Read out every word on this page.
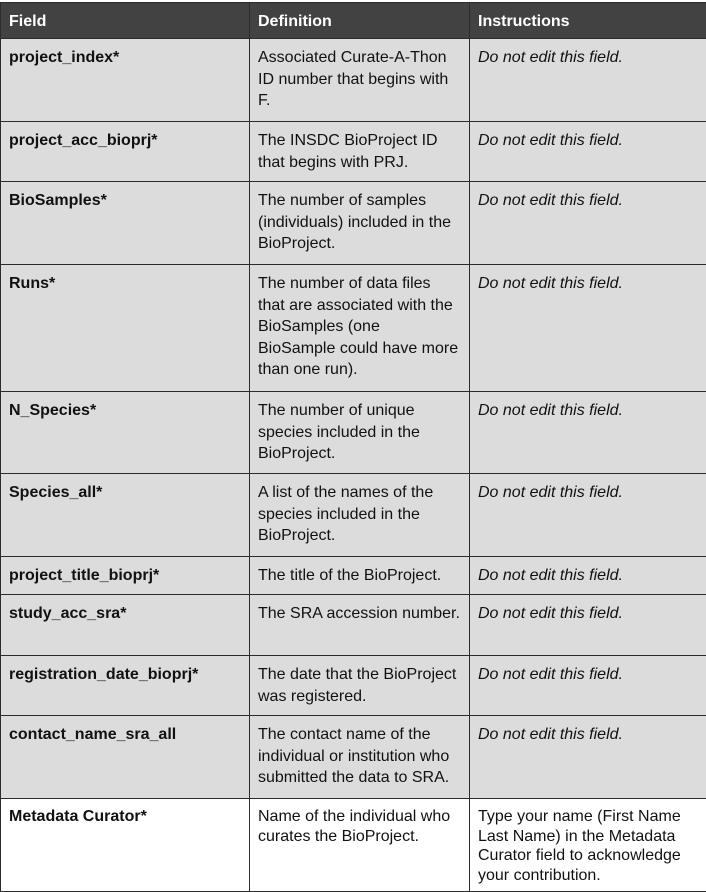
Field	Definition	Instructions
project_index*	Associated Curate-A-Thon ID number that begins with F.	Do not edit this field.
project_acc_bioprj*	The INSDC BioProject ID that begins with PRJ.	Do not edit this field.
BioSamples*	The number of samples (individuals) included in the BioProject.	Do not edit this field.
Runs*	The number of data files that are associated with the BioSamples (one BioSample could have more than one run).	Do not edit this field.
N_Species*	The number of unique species included in the BioProject.	Do not edit this field.
Species_all*	A list of the names of the species included in the BioProject.	Do not edit this field.
project_title_bioprj*	The title of the BioProject.	Do not edit this field.
study_acc_sra*	The SRA accession number.	Do not edit this field.
registration_date_bioprj*	The date that the BioProject was registered.	Do not edit this field.
contact_name_sra_all	The contact name of the individual or institution who submitted the data to SRA.	Do not edit this field.
Metadata Curator*	Name of the individual who curates the BioProject.	Type your name (First Name Last Name) in the Metadata Curator field to acknowledge your contribution.
